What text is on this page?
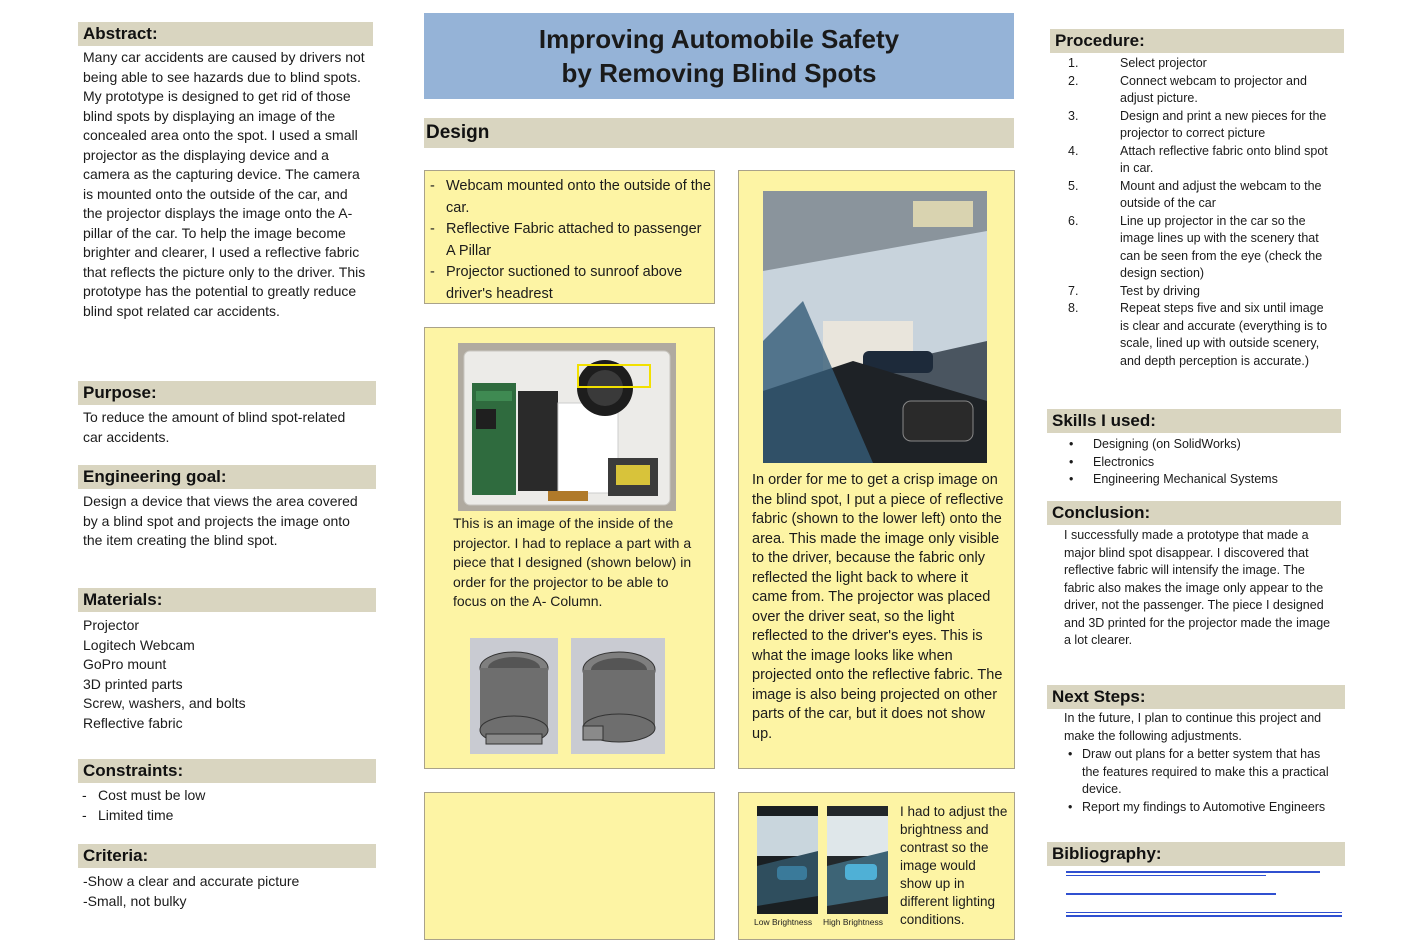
Abstract:
Many car accidents are caused by drivers not being able to see hazards due to blind spots. My prototype is designed to get rid of those blind spots by displaying an image of the concealed area onto the spot. I used a small projector as the displaying device and a camera as the capturing device. The camera is mounted onto the outside of the car, and the projector displays the image onto the A-pillar of the car. To help the image become brighter and clearer, I used a reflective fabric that reflects the picture only to the driver. This prototype has the potential to greatly reduce blind spot related car accidents.
Purpose:
To reduce the amount of blind spot-related car accidents.
Engineering goal:
Design a device that views the area covered by a blind spot and projects the image onto the item creating the blind spot.
Materials:
Projector
Logitech Webcam
GoPro mount
3D printed parts
Screw, washers, and bolts
Reflective fabric
Constraints:
- Cost must be low
- Limited time
Criteria:
-Show a clear and accurate picture
-Small, not bulky
Improving Automobile Safety
by Removing Blind Spots
Design
- Webcam mounted onto the outside of the car.
- Reflective Fabric attached to passenger A Pillar
- Projector suctioned to sunroof above driver's headrest
This is an image of the inside of the projector. I had to replace a part with a piece that I designed (shown below) in order for the projector to be able to focus on the A- Column.
In order for me to get a crisp image on the blind spot, I put a piece of reflective fabric (shown to the lower left) onto the area. This made the image only visible to the driver, because the fabric only reflected the light back to where it came from. The projector was placed over the driver seat, so the light reflected to the driver's eyes. This is what the image looks like when projected onto the reflective fabric. The image is also being projected on other parts of the car, but it does not show up.
Low Brightness High Brightness
I had to adjust the brightness and contrast so the image would show up in different lighting conditions.
Procedure:
1.	Select projector
2.	Connect webcam to projector and adjust picture.
3.	Design and print a new pieces for the projector to correct picture
4.	Attach reflective fabric onto blind spot in car.
5.	Mount and adjust the webcam to the outside of the car
6.	Line up projector in the car so the image lines up with the scenery that can be seen from the eye (check the design section)
7.	Test by driving
8.	Repeat steps five and six until image is clear and accurate (everything is to scale, lined up with outside scenery, and depth perception is accurate.)
Skills I used:
• Designing (on SolidWorks)
• Electronics
• Engineering Mechanical Systems
Conclusion:
I successfully made a prototype that made a major blind spot disappear. I discovered that reflective fabric will intensify the image. The fabric also makes the image only appear to the driver, not the passenger. The piece I designed and 3D printed for the projector made the image a lot clearer.
Next Steps:
In the future, I plan to continue this project and make the following adjustments.
• Draw out plans for a better system that has the features required to make this a practical device.
• Report my findings to Automotive Engineers
Bibliography:
